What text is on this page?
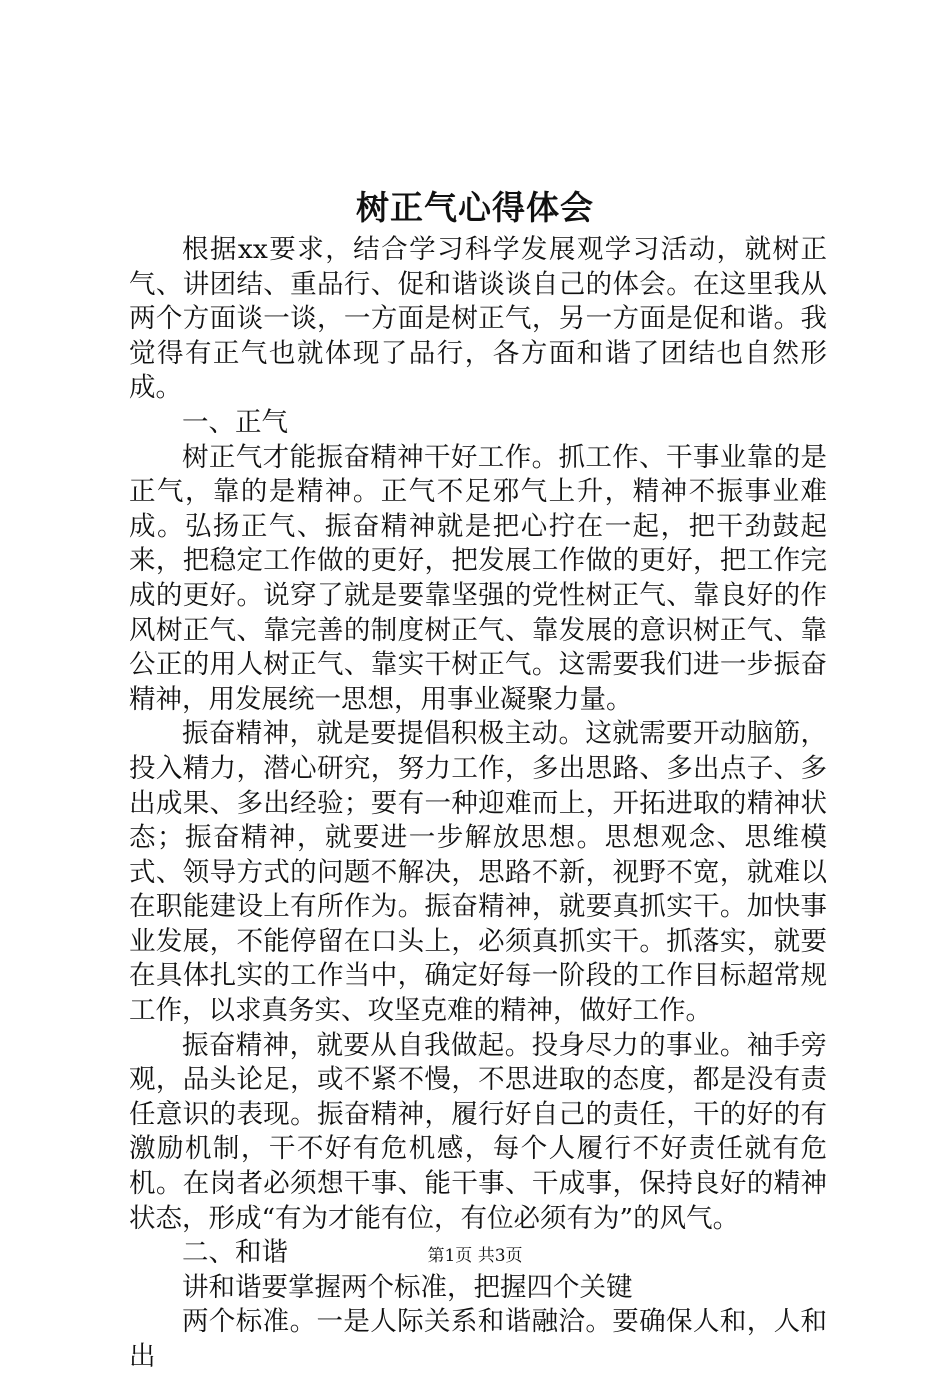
树正气心得体会

根据xx要求，结合学习科学发展观学习活动，就树正气、讲团结、重品行、促和谐谈谈自己的体会。在这里我从两个方面谈一谈，一方面是树正气，另一方面是促和谐。我觉得有正气也就体现了品行，各方面和谐了团结也自然形成。

一、正气

树正气才能振奋精神干好工作。抓工作、干事业靠的是正气，靠的是精神。正气不足邪气上升，精神不振事业难成。弘扬正气、振奋精神就是把心拧在一起，把干劲鼓起来，把稳定工作做的更好，把发展工作做的更好，把工作完成的更好。说穿了就是要靠坚强的党性树正气、靠良好的作风树正气、靠完善的制度树正气、靠发展的意识树正气、靠公正的用人树正气、靠实干树正气。这需要我们进一步振奋精神，用发展统一思想，用事业凝聚力量。

振奋精神，就是要提倡积极主动。这就需要开动脑筋，投入精力，潜心研究，努力工作，多出思路、多出点子、多出成果、多出经验；要有一种迎难而上，开拓进取的精神状态；振奋精神，就要进一步解放思想。思想观念、思维模式、领导方式的问题不解决，思路不新，视野不宽，就难以在职能建设上有所作为。振奋精神，就要真抓实干。加快事业发展，不能停留在口头上，必须真抓实干。抓落实，就要在具体扎实的工作当中，确定好每一阶段的工作目标超常规工作，以求真务实、攻坚克难的精神，做好工作。

振奋精神，就要从自我做起。投身尽力的事业。袖手旁观，品头论足，或不紧不慢，不思进取的态度，都是没有责任意识的表现。振奋精神，履行好自己的责任，干的好的有激励机制，干不好有危机感，每个人履行不好责任就有危机。在岗者必须想干事、能干事、干成事，保持良好的精神状态，形成“有为才能有位，有位必须有为”的风气。

二、和谐

讲和谐要掌握两个标准，把握四个关键

两个标准。一是人际关系和谐融洽。要确保人和，人和出

第1页 共3页
